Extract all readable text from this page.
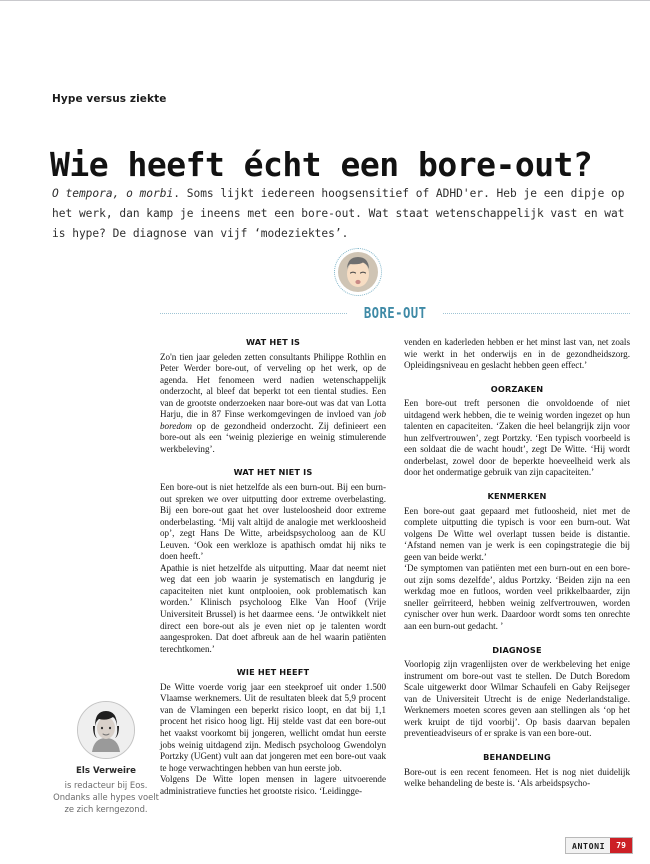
Hype versus ziekte
Wie heeft écht een bore-out?
O tempora, o morbi. Soms lijkt iedereen hoogsensitief of ADHD'er. Heb je een dipje op het werk, dan kamp je ineens met een bore-out. Wat staat wetenschappelijk vast en wat is hype? De diagnose van vijf ‘modeziektes’.
BORE-OUT
WAT HET IS

Zo'n tien jaar geleden zetten consultants Philippe Rothlin en Peter Werder bore-out, of verveling op het werk, op de agenda. Het fenomeen werd nadien wetenschappelijk onderzocht, al bleef dat beperkt tot een tiental studies. Een van de grootste onderzoeken naar bore-out was dat van Lotta Harju, die in 87 Finse werkomgevingen de invloed van job boredom op de gezondheid onderzocht. Zij definieert een bore-out als een ‘weinig plezierige en weinig stimulerende werkbeleving’.

WAT HET NIET IS

Een bore-out is niet hetzelfde als een burn-out. Bij een burn-out spreken we over uitputting door extreme overbelasting. Bij een bore-out gaat het over lusteloosheid door extreme onderbelasting. ‘Mij valt altijd de analogie met werkloosheid op’, zegt Hans De Witte, arbeidspsycholoog aan de KU Leuven. ‘Ook een werkloze is apathisch omdat hij niks te doen heeft.’

Apathie is niet hetzelfde als uitputting. Maar dat neemt niet weg dat een job waarin je systematisch en langdurig je capaciteiten niet kunt ontplooien, ook problematisch kan worden.’ Klinisch psycholoog Elke Van Hoof (Vrije Universiteit Brussel) is het daarmee eens. ‘Je ontwikkelt niet direct een bore-out als je even niet op je talenten wordt aangesproken. Dat doet afbreuk aan de hel waarin patiënten terechtkomen.’

WIE HET HEEFT

De Witte voerde vorig jaar een steekproef uit onder 1.500 Vlaamse werknemers. Uit de resultaten bleek dat 5,9 procent van de Vlamingen een beperkt risico loopt, en dat bij 1,1 procent het risico hoog ligt. Hij stelde vast dat een bore-out het vaakst voorkomt bij jongeren, wellicht omdat hun eerste jobs weinig uitdagend zijn. Medisch psycholoog Gwendolyn Portzky (UGent) vult aan dat jongeren met een bore-out vaak te hoge verwachtingen hebben van hun eerste job.

Volgens De Witte lopen mensen in lagere uitvoerende administratieve functies het grootste risico. ‘Leidingge-

venden en kaderleden hebben er het minst last van, net zoals wie werkt in het onderwijs en in de gezondheidszorg. Opleidingsniveau en geslacht hebben geen effect.’

OORZAKEN

Een bore-out treft personen die onvoldoende of niet uitdagend werk hebben, die te weinig worden ingezet op hun talenten en capaciteiten. ‘Zaken die heel belangrijk zijn voor hun zelfvertrouwen’, zegt Portzky. ‘Een typisch voorbeeld is een soldaat die de wacht houdt’, zegt De Witte. ‘Hij wordt onderbelast, zowel door de beperkte hoeveelheid werk als door het ondermatige gebruik van zijn capaciteiten.’

KENMERKEN

Een bore-out gaat gepaard met futloosheid, niet met de complete uitputting die typisch is voor een burn-out. Wat volgens De Witte wel overlapt tussen beide is distantie. ‘Afstand nemen van je werk is een copingstrategie die bij geen van beide werkt.’

‘De symptomen van patiënten met een burn-out en een bore-out zijn soms dezelfde’, aldus Portzky. ‘Beiden zijn na een werkdag moe en futloos, worden veel prikkelbaarder, zijn sneller geïrriteerd, hebben weinig zelfvertrouwen, worden cynischer over hun werk. Daardoor wordt soms ten onrechte aan een burn-out gedacht. ’

DIAGNOSE

Voorlopig zijn vragenlijsten over de werkbeleving het enige instrument om bore-out vast te stellen. De Dutch Boredom Scale uitgewerkt door Wilmar Schaufeli en Gaby Reijseger van de Universiteit Utrecht is de enige Nederlandstalige. Werknemers moeten scores geven aan stellingen als ‘op het werk kruipt de tijd voorbij’. Op basis daarvan bepalen preventieadviseurs of er sprake is van een bore-out.

BEHANDELING

Bore-out is een recent fenomeen. Het is nog niet duidelijk welke behandeling de beste is. ‘Als arbeidspsycho-

Els Verweire
is redacteur bij Eos.
Ondanks alle hypes voelt
ze zich kerngezond.
ANTONI	79
